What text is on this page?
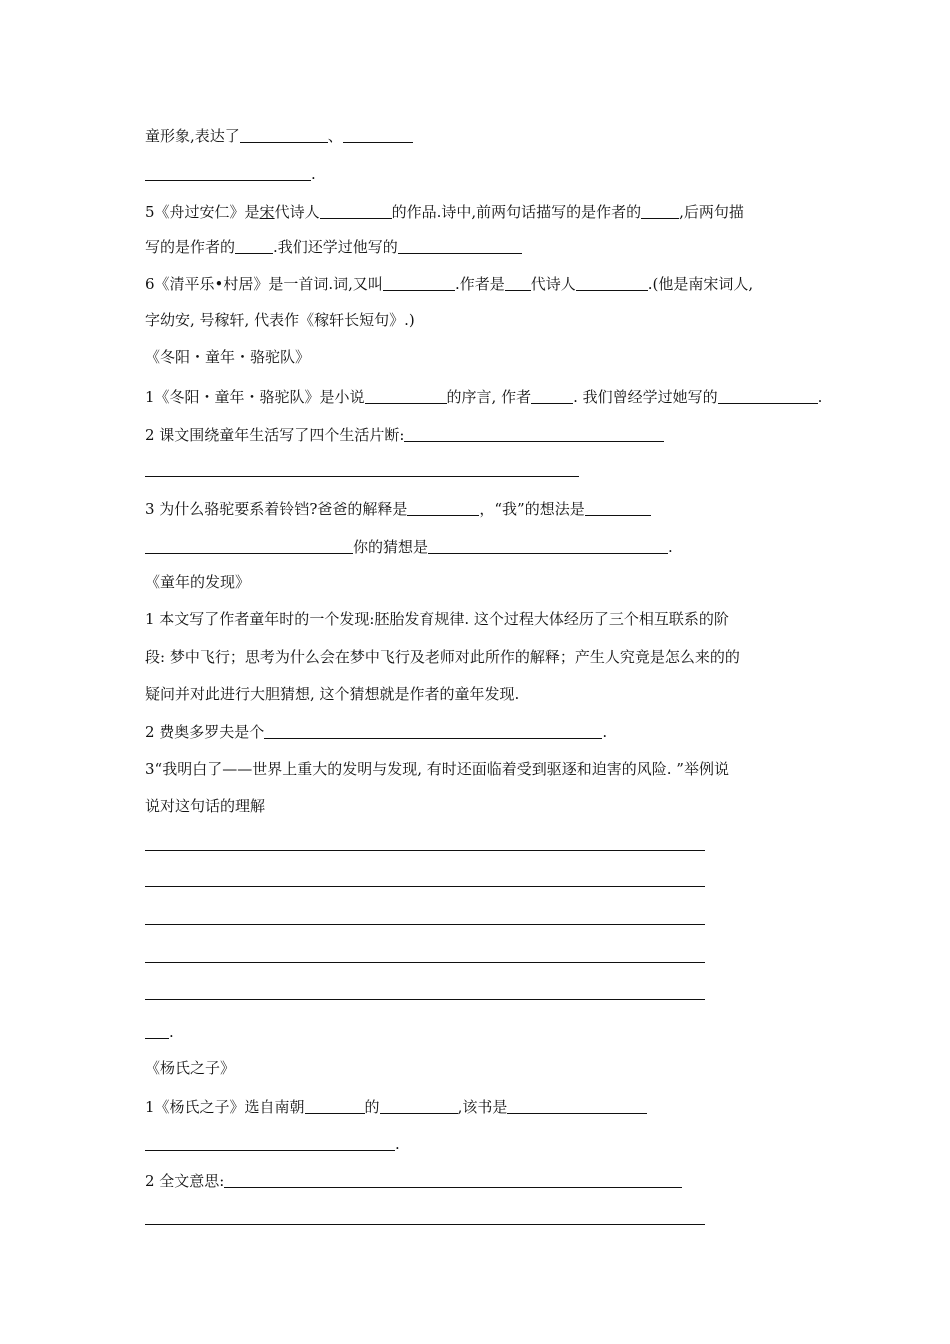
童形象,表达了	、
.
5《舟过安仁》是宋代诗人	的作品.诗中,前两句话描写的是作者的	,后两句描
写的是作者的	.我们还学过他写的
6《清平乐•村居》是一首词.词,又叫	.作者是 代诗人	.(他是南宋词人,
字幼安, 号稼轩, 代表作《稼轩长短句》.)
《冬阳・童年・骆驼队》
1《冬阳・童年・骆驼队》是小说	的序言, 作者	. 我们曾经学过她写的	.
2 课文围绕童年生活写了四个生活片断:
3 为什么骆驼要系着铃铛?爸爸的解释是	，“我”的想法是
你的猜想是	.
《童年的发现》
1 本文写了作者童年时的一个发现:胚胎发育规律. 这个过程大体经历了三个相互联系的阶
段: 梦中飞行；思考为什么会在梦中飞行及老师对此所作的解释；产生人究竟是怎么来的的
疑问并对此进行大胆猜想, 这个猜想就是作者的童年发现.
2 费奥多罗夫是个	.
3“我明白了——世界上重大的发明与发现, 有时还面临着受到驱逐和迫害的风险. ”举例说
说对这句话的理解
.
《杨氏之子》
1《杨氏之子》选自南朝	的	,该书是
.
2 全文意思:
